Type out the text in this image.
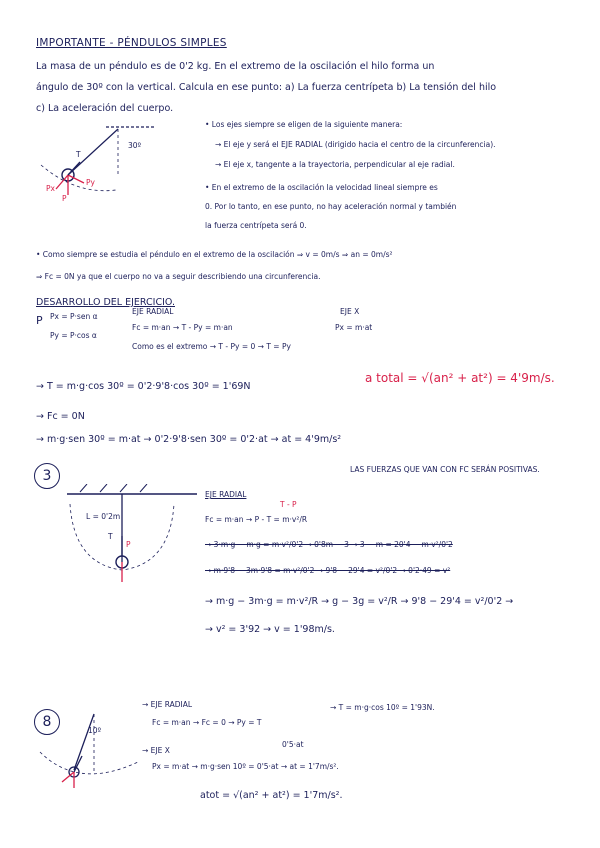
IMPORTANTE - PÉNDULOS SIMPLES
La masa de un péndulo es de 0'2 kg. En el extremo de la oscilación el hilo forma un
ángulo de 30º con la vertical. Calcula en ese punto: a) La fuerza centrípeta b) La tensión del hilo
c) La aceleración del cuerpo.
30º
T
Px
Py
P
• Los ejes siempre se eligen de la siguiente manera:
→ El eje y será el EJE RADIAL (dirigido hacia el centro de la circunferencia).
→ El eje x, tangente a la trayectoria, perpendicular al eje radial.
• En el extremo de la oscilación la velocidad lineal siempre es
0. Por lo tanto, en ese punto, no hay aceleración normal y también
la fuerza centrípeta será 0.
• Como siempre se estudia el péndulo en el extremo de la oscilación ⇒ v = 0m/s ⇒ an = 0m/s²
⇒ Fc = 0N ya que el cuerpo no va a seguir describiendo una circunferencia.
DESARROLLO DEL EJERCICIO.
P Px = P·sen α
Py = P·cos α
EJE RADIAL
Fc = m·an → T - Py = m·an
EJE X
Px = m·at
Como es el extremo → T - Py = 0 → T = Py
→ T = m·g·cos 30º = 0'2·9'8·cos 30º = 1'69N
a total = √(an² + at²) = 4'9m/s.
→ Fc = 0N
→ m·g·sen 30º = m·at → 0'2·9'8·sen 30º = 0'2·at → at = 4'9m/s²
3	LAS FUERZAS QUE VAN CON FC SERÁN POSITIVAS.
L = 0'2m
T
P
EJE RADIAL
T - P
Fc = m·an → P - T = m·v²/R
→ 3·m·g − m·g = m·v²/0'2 → 0'8m − 3 → 3 − m = 20'4 − m·v²/0'2
→ m·9'8 − 3m·9'8 = m·v²/0'2 → 9'8 − 29'4 = v²/0'2 → 0'2·49 = v²
→ m·g − 3m·g = m·v²/R → g − 3g = v²/R → 9'8 − 29'4 = v²/0'2 →
→ v² = 3'92 → v = 1'98m/s.
8
10º
→ EJE RADIAL
Fc = m·an → Fc = 0 → Py = T
→ T = m·g·cos 10º = 1'93N.
→ EJE X
0'5·at
Px = m·at → m·g·sen 10º = 0'5·at → at = 1'7m/s².
atot = √(an² + at²) = 1'7m/s².
